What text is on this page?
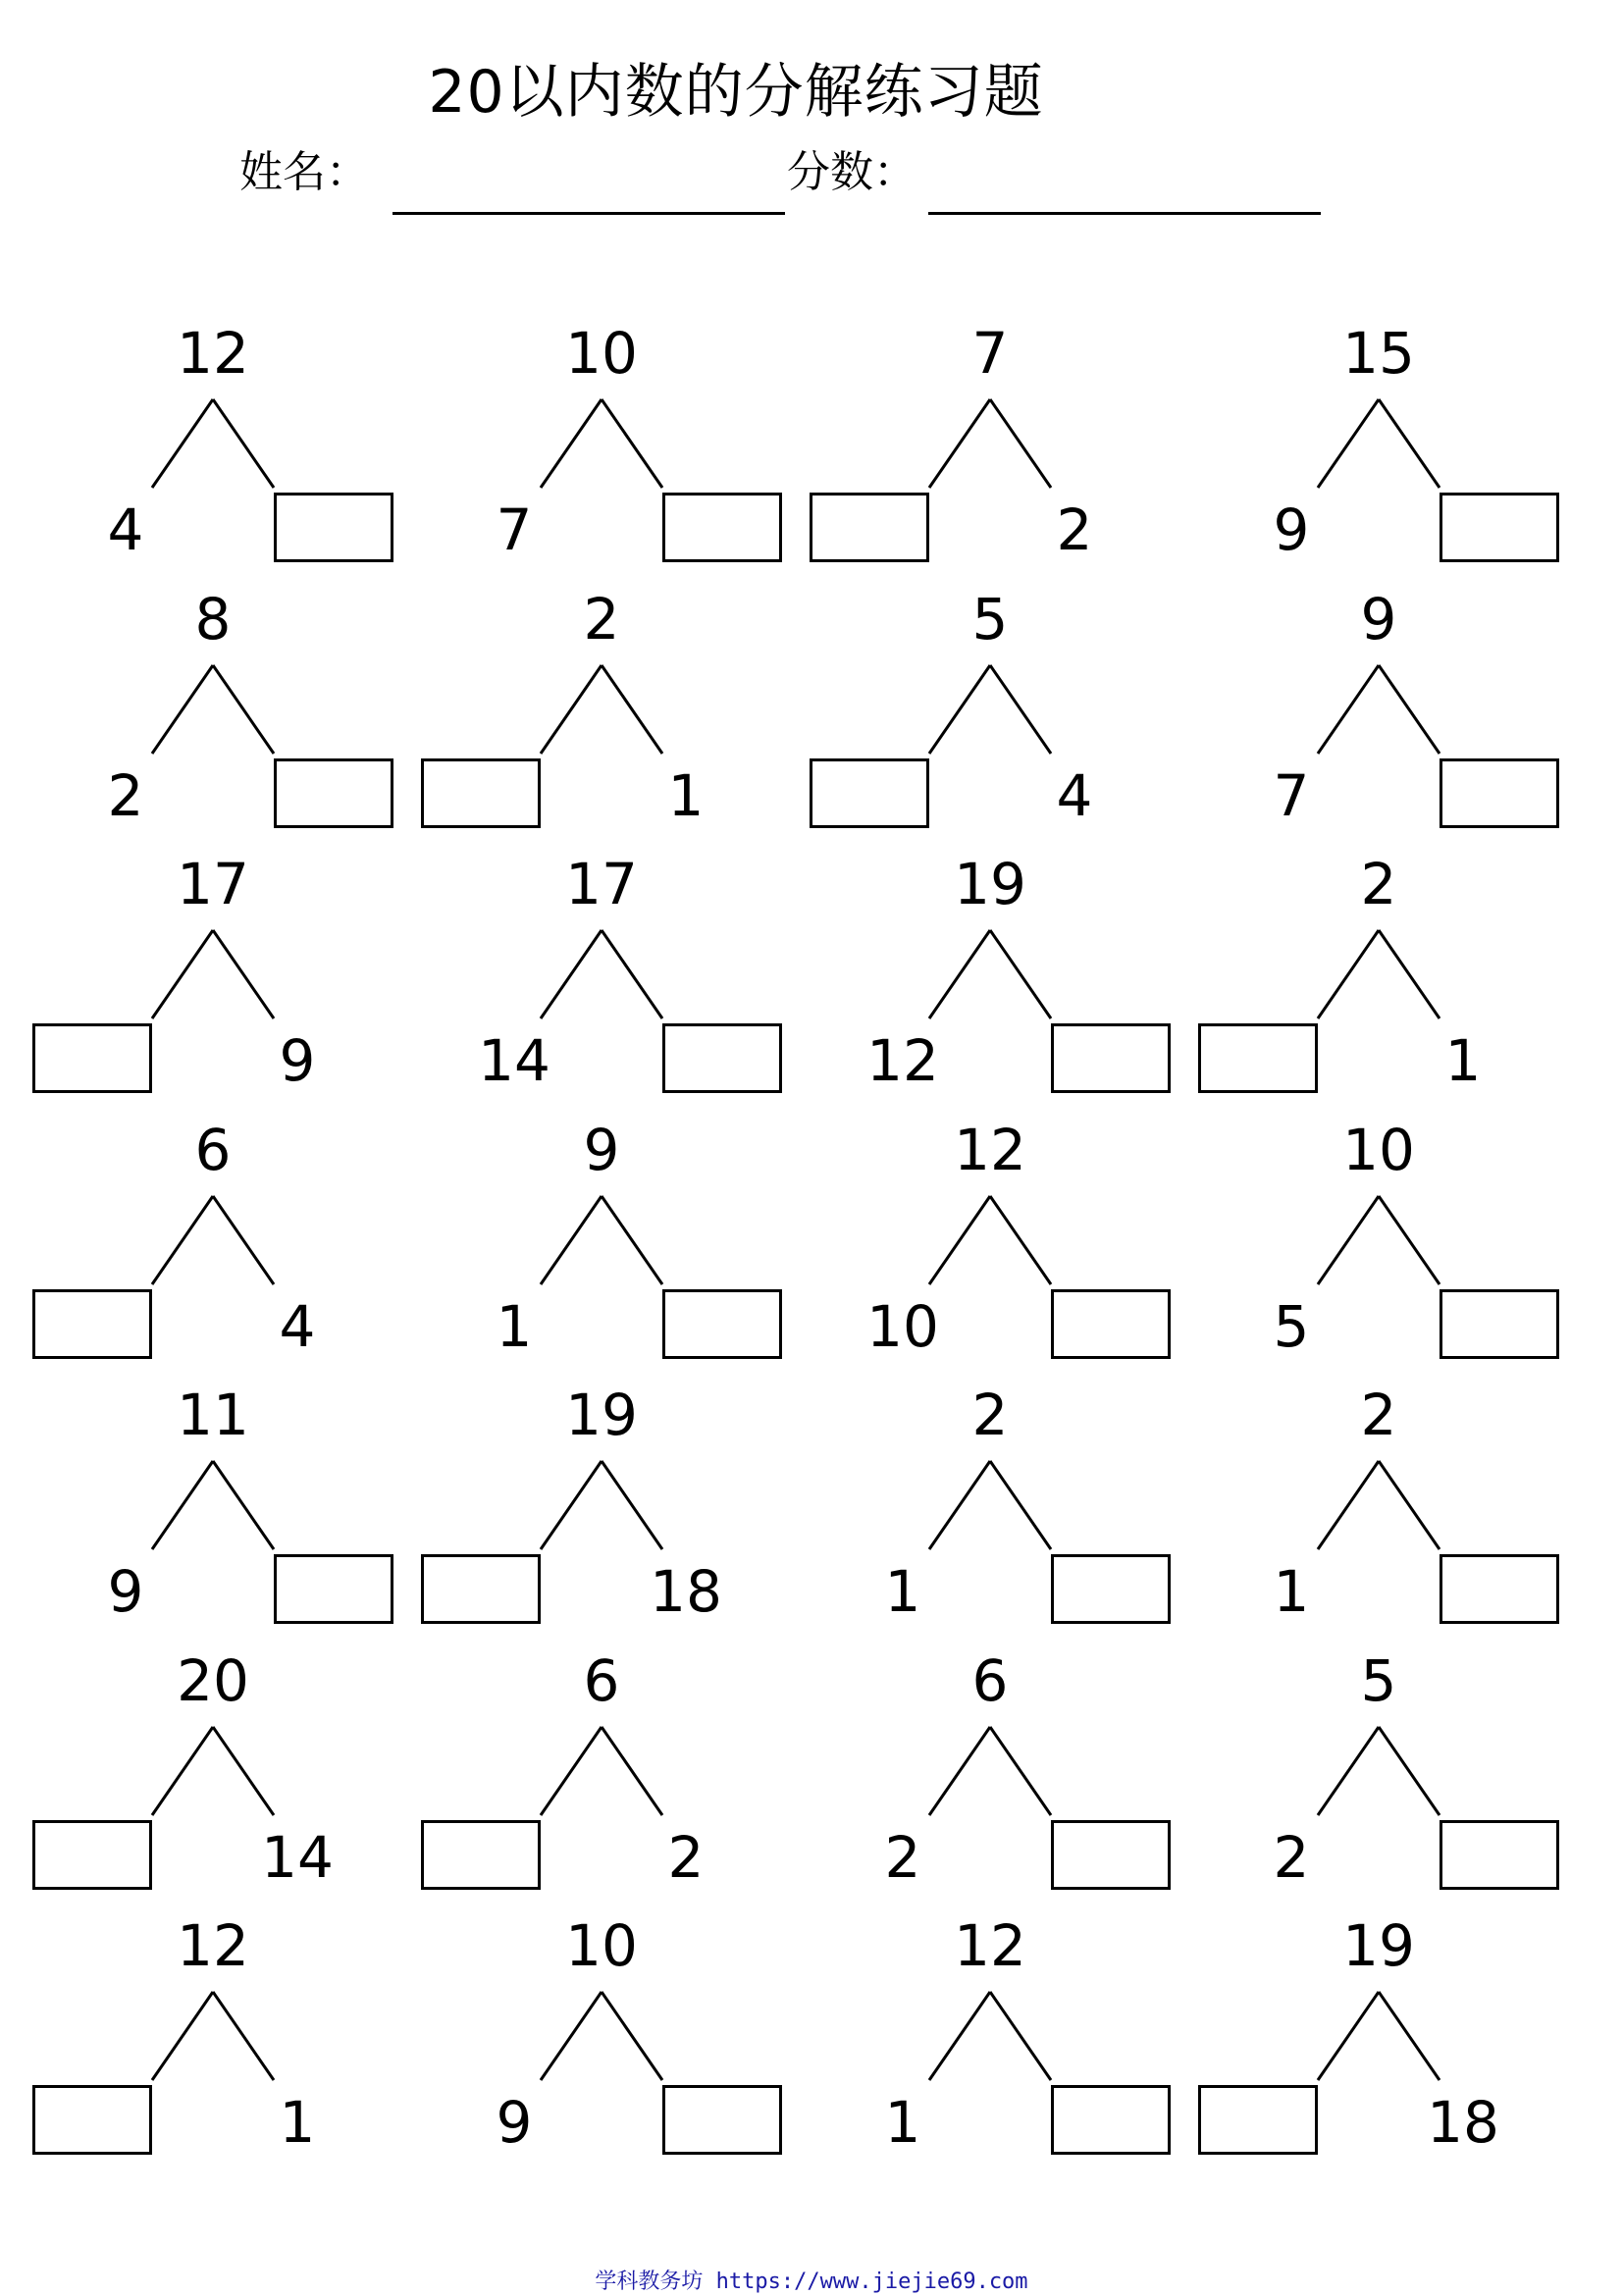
20以内数的分解练习题
姓名：	分数：
12
4
10
7
7
2
15
9
8
2
2
1
5
4
9
7
17
9
17
14
19
12
2
1
6
4
9
1
12
10
10
5
11
9
19
18
2
1
2
1
20
14
6
2
6
2
5
2
12
1
10
9
12
1
19
18
学科教务坊 https://www.jiejie69.com
